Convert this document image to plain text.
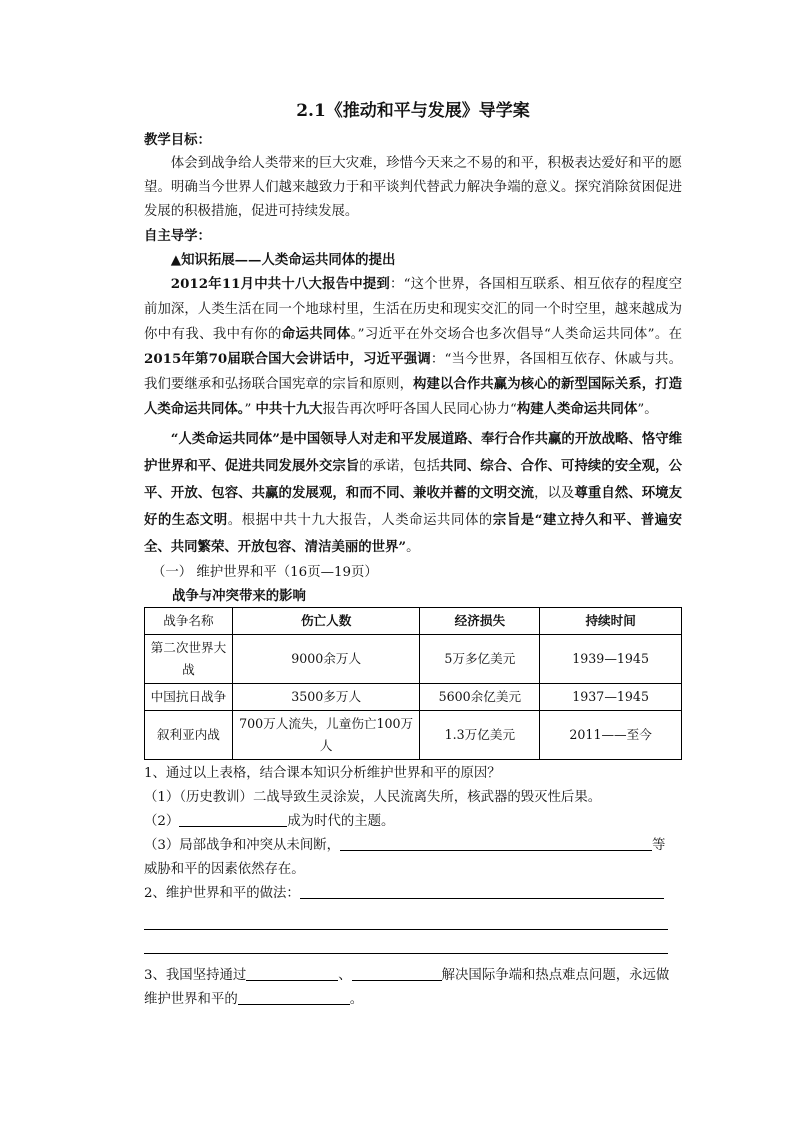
2.1《推动和平与发展》导学案

教学目标：

体会到战争给人类带来的巨大灾难，珍惜今天来之不易的和平，积极表达爱好和平的愿望。明确当今世界人们越来越致力于和平谈判代替武力解决争端的意义。探究消除贫困促进发展的积极措施，促进可持续发展。

自主导学：

▲知识拓展——人类命运共同体的提出

2012年11月中共十八大报告中提到：“这个世界，各国相互联系、相互依存的程度空前加深，人类生活在同一个地球村里，生活在历史和现实交汇的同一个时空里，越来越成为你中有我、我中有你的命运共同体。”习近平在外交场合也多次倡导“人类命运共同体”。在2015年第70届联合国大会讲话中，习近平强调：“当今世界，各国相互依存、休戚与共。我们要继承和弘扬联合国宪章的宗旨和原则，构建以合作共赢为核心的新型国际关系，打造人类命运共同体。” 中共十九大报告再次呼吁各国人民同心协力“构建人类命运共同体”。

“人类命运共同体”是中国领导人对走和平发展道路、奉行合作共赢的开放战略、恪守维护世界和平、促进共同发展外交宗旨的承诺，包括共同、综合、合作、可持续的安全观，公平、开放、包容、共赢的发展观，和而不同、兼收并蓄的文明交流，以及尊重自然、环境友好的生态文明。根据中共十九大报告，人类命运共同体的宗旨是“建立持久和平、普遍安全、共同繁荣、开放包容、清洁美丽的世界”。

（一） 维护世界和平（16页—19页）

战争与冲突带来的影响

战争名称	伤亡人数	经济损失	持续时间
第二次世界大战	9000余万人	5万多亿美元	1939—1945
中国抗日战争	3500多万人	5600余亿美元	1937—1945
叙利亚内战	700万人流失，儿童伤亡100万人	1.3万亿美元	2011——至今

1、通过以上表格，结合课本知识分析维护世界和平的原因？

（1）（历史教训）二战导致生灵涂炭，人民流离失所，核武器的毁灭性后果。

（2）	成为时代的主题。

（3）局部战争和冲突从未间断，	等

威胁和平的因素依然存在。

2、维护世界和平的做法：

3、我国坚持通过	、	解决国际争端和热点难点问题，永远做维护世界和平的	。
